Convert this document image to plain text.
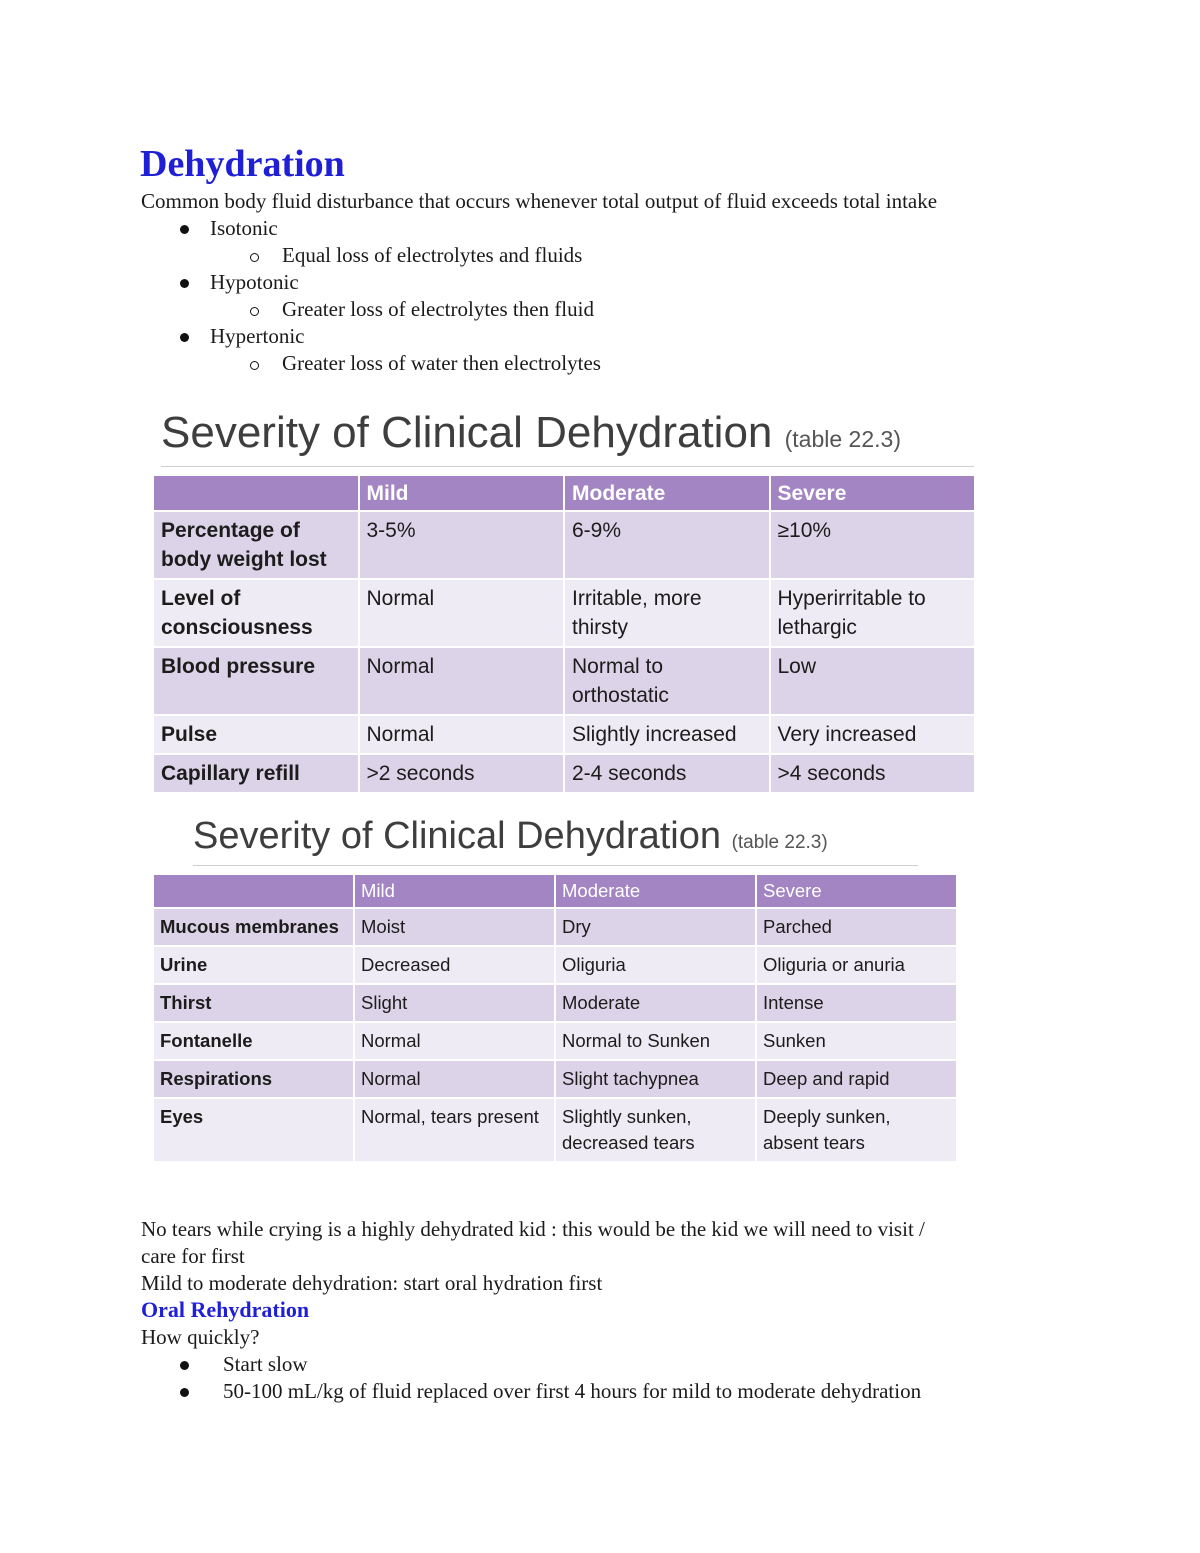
Dehydration
Common body fluid disturbance that occurs whenever total output of fluid exceeds total intake
Isotonic
Equal loss of electrolytes and fluids
Hypotonic
Greater loss of electrolytes then fluid
Hypertonic
Greater loss of water then electrolytes
Severity of Clinical Dehydration (table 22.3)
	Mild	Moderate	Severe
Percentage of body weight lost	3-5%	6-9%	≥10%
Level of consciousness	Normal	Irritable, more thirsty	Hyperirritable to lethargic
Blood pressure	Normal	Normal to orthostatic	Low
Pulse	Normal	Slightly increased	Very increased
Capillary refill	>2 seconds	2-4 seconds	>4 seconds
Severity of Clinical Dehydration (table 22.3)
	Mild	Moderate	Severe
Mucous membranes	Moist	Dry	Parched
Urine	Decreased	Oliguria	Oliguria or anuria
Thirst	Slight	Moderate	Intense
Fontanelle	Normal	Normal to Sunken	Sunken
Respirations	Normal	Slight tachypnea	Deep and rapid
Eyes	Normal, tears present	Slightly sunken, decreased tears	Deeply sunken, absent tears
No tears while crying is a highly dehydrated kid : this would be the kid we will need to visit /
care for first
Mild to moderate dehydration: start oral hydration first
Oral Rehydration
How quickly?
Start slow
50-100 mL/kg of fluid replaced over first 4 hours for mild to moderate dehydration
